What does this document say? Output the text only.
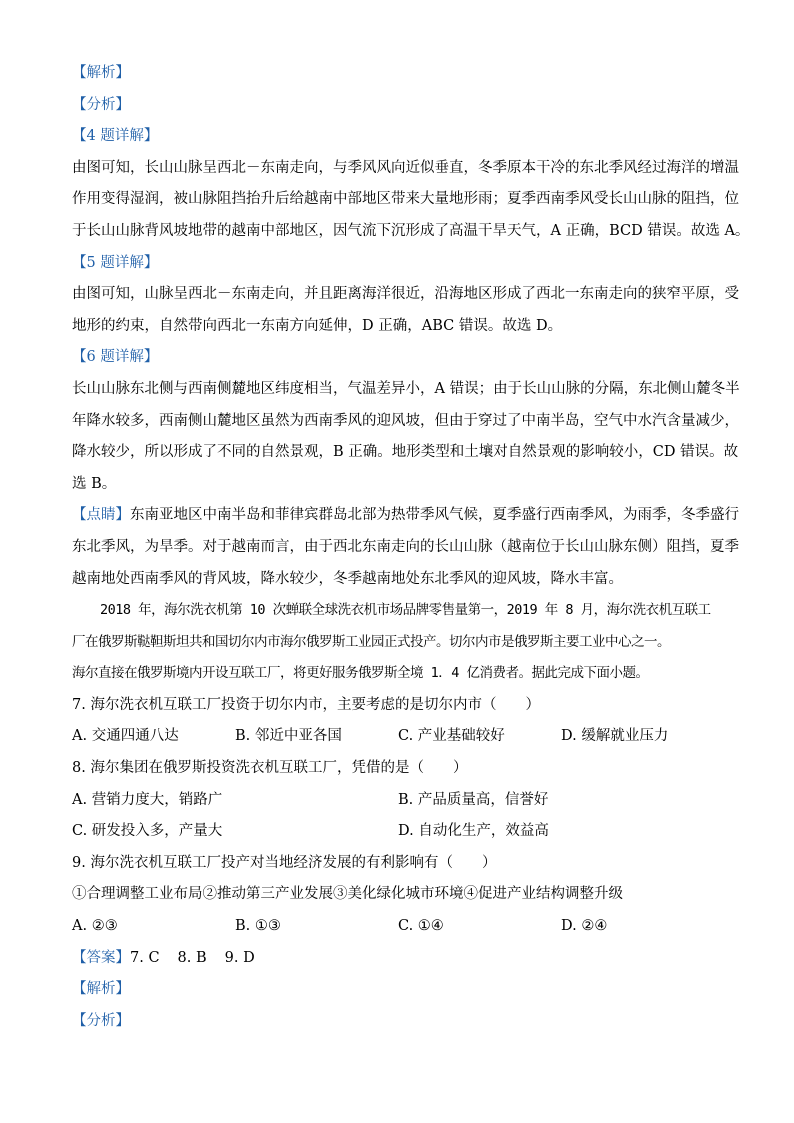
【解析】
【分析】
【4 题详解】
由图可知，长山山脉呈西北－东南走向，与季风风向近似垂直，冬季原本干冷的东北季风经过海洋的增温
作用变得湿润，被山脉阻挡抬升后给越南中部地区带来大量地形雨；夏季西南季风受长山山脉的阻挡，位
于长山山脉背风坡地带的越南中部地区，因气流下沉形成了高温干旱天气，A 正确，BCD 错误。故选 A。
【5 题详解】
由图可知，山脉呈西北－东南走向，并且距离海洋很近，沿海地区形成了西北一东南走向的狭窄平原，受
地形的约束，自然带向西北一东南方向延伸，D 正确，ABC 错误。故选 D。
【6 题详解】
长山山脉东北侧与西南侧麓地区纬度相当，气温差异小，A 错误；由于长山山脉的分隔，东北侧山麓冬半
年降水较多，西南侧山麓地区虽然为西南季风的迎风坡，但由于穿过了中南半岛，空气中水汽含量减少，
降水较少，所以形成了不同的自然景观，B 正确。地形类型和土壤对自然景观的影响较小，CD 错误。故
选 B。
【点睛】东南亚地区中南半岛和菲律宾群岛北部为热带季风气候，夏季盛行西南季风，为雨季，冬季盛行
东北季风，为旱季。对于越南而言，由于西北东南走向的长山山脉（越南位于长山山脉东侧）阻挡，夏季
越南地处西南季风的背风坡，降水较少，冬季越南地处东北季风的迎风坡，降水丰富。
2018 年，海尔洗衣机第 10 次蝉联全球洗衣机市场品牌零售量第一，2019 年 8 月，海尔洗衣机互联工
厂在俄罗斯鞑靼斯坦共和国切尔内市海尔俄罗斯工业园正式投产。切尔内市是俄罗斯主要工业中心之一。
海尔直接在俄罗斯境内开设互联工厂，将更好服务俄罗斯全境 1．4 亿消费者。据此完成下面小题。
7. 海尔洗衣机互联工厂投资于切尔内市，主要考虑的是切尔内市（　　）
A. 交通四通八达	B. 邻近中亚各国	C. 产业基础较好	D. 缓解就业压力
8. 海尔集团在俄罗斯投资洗衣机互联工厂，凭借的是（　　）
A. 营销力度大，销路广	B. 产品质量高，信誉好
C. 研发投入多，产量大	D. 自动化生产，效益高
9. 海尔洗衣机互联工厂投产对当地经济发展的有利影响有（　　）
①合理调整工业布局②推动第三产业发展③美化绿化城市环境④促进产业结构调整升级
A. ②③	B. ①③	C. ①④	D. ②④
【答案】7. C 8. B 9. D
【解析】
【分析】
